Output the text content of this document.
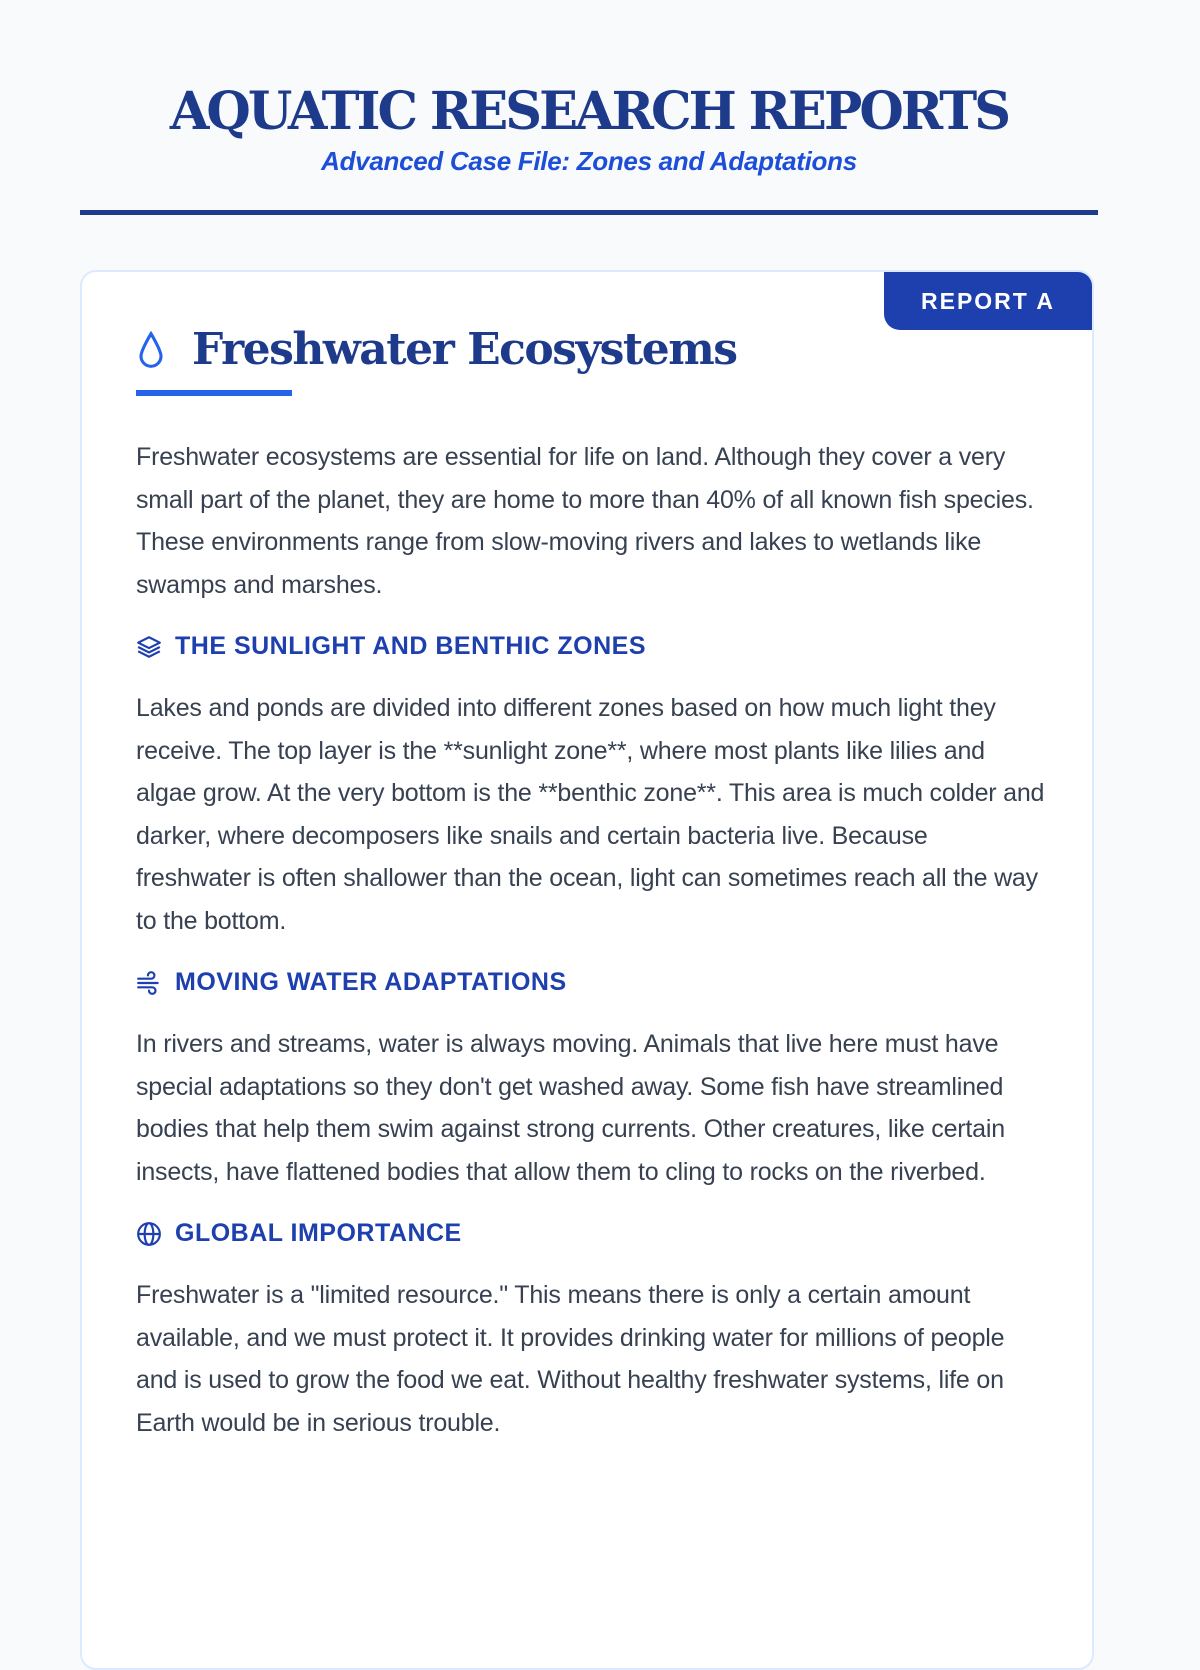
AQUATIC RESEARCH REPORTS
Advanced Case File: Zones and Adaptations
REPORT A
Freshwater Ecosystems

Freshwater ecosystems are essential for life on land. Although they cover a very small part of the planet, they are home to more than 40% of all known fish species. These environments range from slow-moving rivers and lakes to wetlands like swamps and marshes.

THE SUNLIGHT AND BENTHIC ZONES

Lakes and ponds are divided into different zones based on how much light they receive. The top layer is the **sunlight zone**, where most plants like lilies and algae grow. At the very bottom is the **benthic zone**. This area is much colder and darker, where decomposers like snails and certain bacteria live. Because freshwater is often shallower than the ocean, light can sometimes reach all the way to the bottom.

MOVING WATER ADAPTATIONS

In rivers and streams, water is always moving. Animals that live here must have special adaptations so they don't get washed away. Some fish have streamlined bodies that help them swim against strong currents. Other creatures, like certain insects, have flattened bodies that allow them to cling to rocks on the riverbed.

GLOBAL IMPORTANCE

Freshwater is a "limited resource." This means there is only a certain amount available, and we must protect it. It provides drinking water for millions of people and is used to grow the food we eat. Without healthy freshwater systems, life on Earth would be in serious trouble.
